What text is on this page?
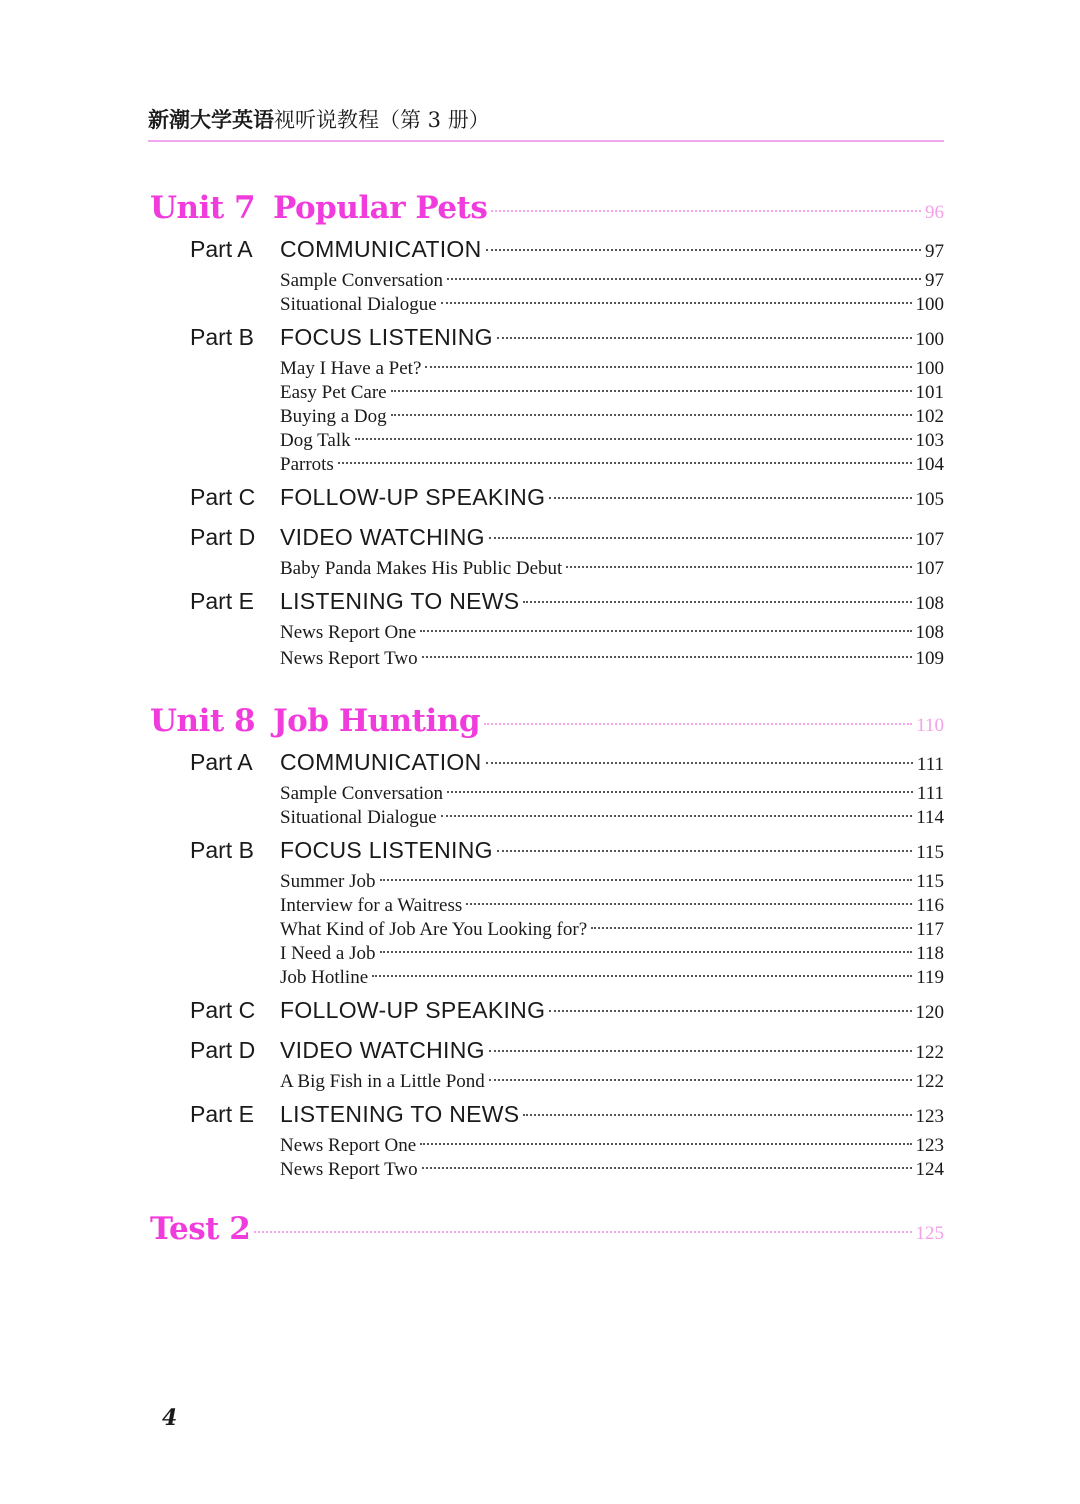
新潮大学英语视听说教程（第 3 册）
Unit 7 Popular Pets	96
Part A	COMMUNICATION	97
Sample Conversation	97
Situational Dialogue	100
Part B	FOCUS LISTENING	100
May I Have a Pet?	100
Easy Pet Care	101
Buying a Dog	102
Dog Talk	103
Parrots	104
Part C	FOLLOW-UP SPEAKING	105
Part D	VIDEO WATCHING	107
Baby Panda Makes His Public Debut	107
Part E	LISTENING TO NEWS	108
News Report One	108
News Report Two	109
Unit 8 Job Hunting	110
Part A	COMMUNICATION	111
Sample Conversation	111
Situational Dialogue	114
Part B	FOCUS LISTENING	115
Summer Job	115
Interview for a Waitress	116
What Kind of Job Are You Looking for?	117
I Need a Job	118
Job Hotline	119
Part C	FOLLOW-UP SPEAKING	120
Part D	VIDEO WATCHING	122
A Big Fish in a Little Pond	122
Part E	LISTENING TO NEWS	123
News Report One	123
News Report Two	124
Test 2	125
4
